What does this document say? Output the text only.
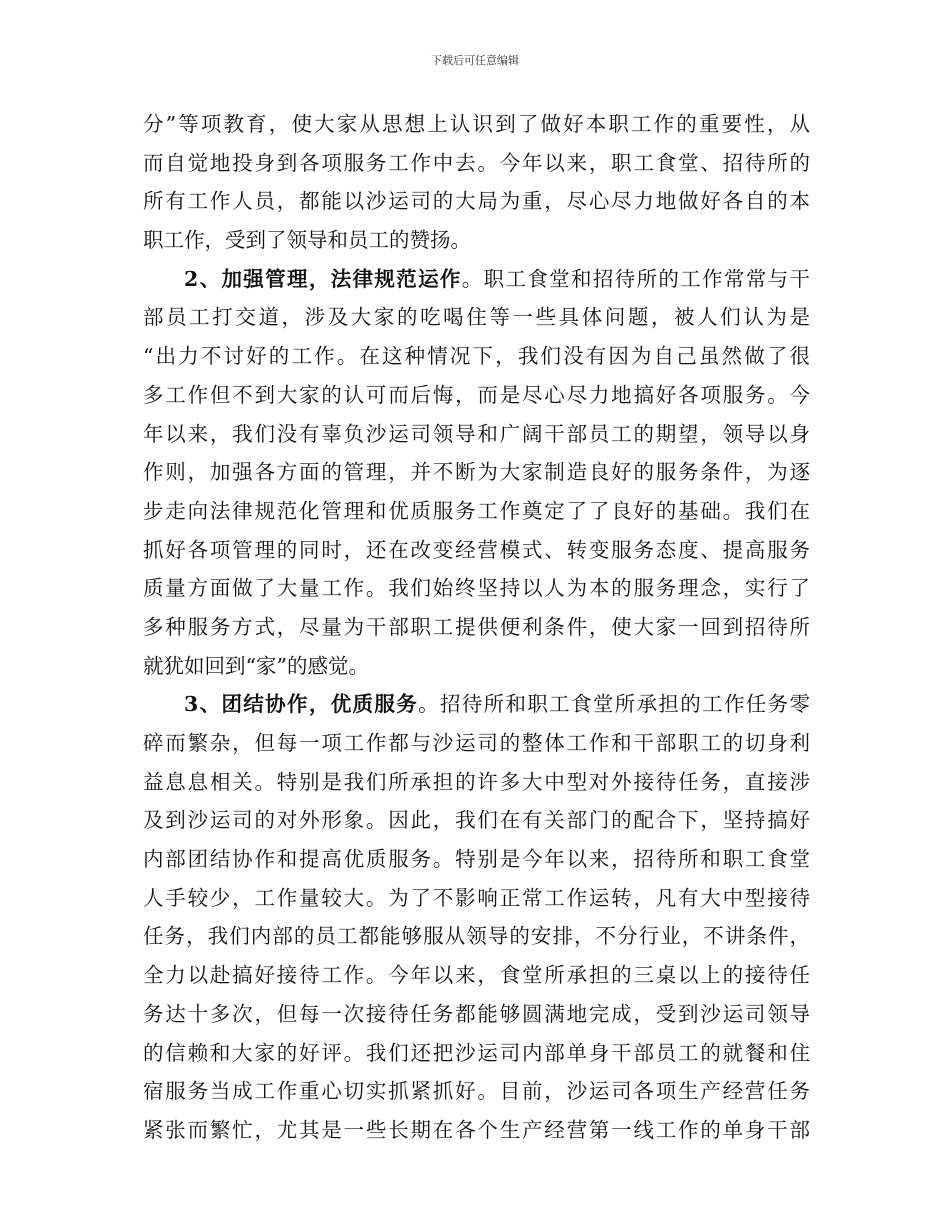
下载后可任意编辑
分”等项教育，使大家从思想上认识到了做好本职工作的重要性，从
而自觉地投身到各项服务工作中去。今年以来，职工食堂、招待所的
所有工作人员，都能以沙运司的大局为重，尽心尽力地做好各自的本
职工作，受到了领导和员工的赞扬。
2、加强管理，法律规范运作。职工食堂和招待所的工作常常与干
部员工打交道，涉及大家的吃喝住等一些具体问题，被人们认为是
“出力不讨好的工作。在这种情况下，我们没有因为自己虽然做了很
多工作但不到大家的认可而后悔，而是尽心尽力地搞好各项服务。今
年以来，我们没有辜负沙运司领导和广阔干部员工的期望，领导以身
作则，加强各方面的管理，并不断为大家制造良好的服务条件，为逐
步走向法律规范化管理和优质服务工作奠定了了良好的基础。我们在
抓好各项管理的同时，还在改变经营模式、转变服务态度、提高服务
质量方面做了大量工作。我们始终坚持以人为本的服务理念，实行了
多种服务方式，尽量为干部职工提供便利条件，使大家一回到招待所
就犹如回到“家”的感觉。
3、团结协作，优质服务。招待所和职工食堂所承担的工作任务零
碎而繁杂，但每一项工作都与沙运司的整体工作和干部职工的切身利
益息息相关。特别是我们所承担的许多大中型对外接待任务，直接涉
及到沙运司的对外形象。因此，我们在有关部门的配合下，坚持搞好
内部团结协作和提高优质服务。特别是今年以来，招待所和职工食堂
人手较少，工作量较大。为了不影响正常工作运转，凡有大中型接待
任务，我们内部的员工都能够服从领导的安排，不分行业，不讲条件，
全力以赴搞好接待工作。今年以来，食堂所承担的三桌以上的接待任
务达十多次，但每一次接待任务都能够圆满地完成，受到沙运司领导
的信赖和大家的好评。我们还把沙运司内部单身干部员工的就餐和住
宿服务当成工作重心切实抓紧抓好。目前，沙运司各项生产经营任务
紧张而繁忙，尤其是一些长期在各个生产经营第一线工作的单身干部
